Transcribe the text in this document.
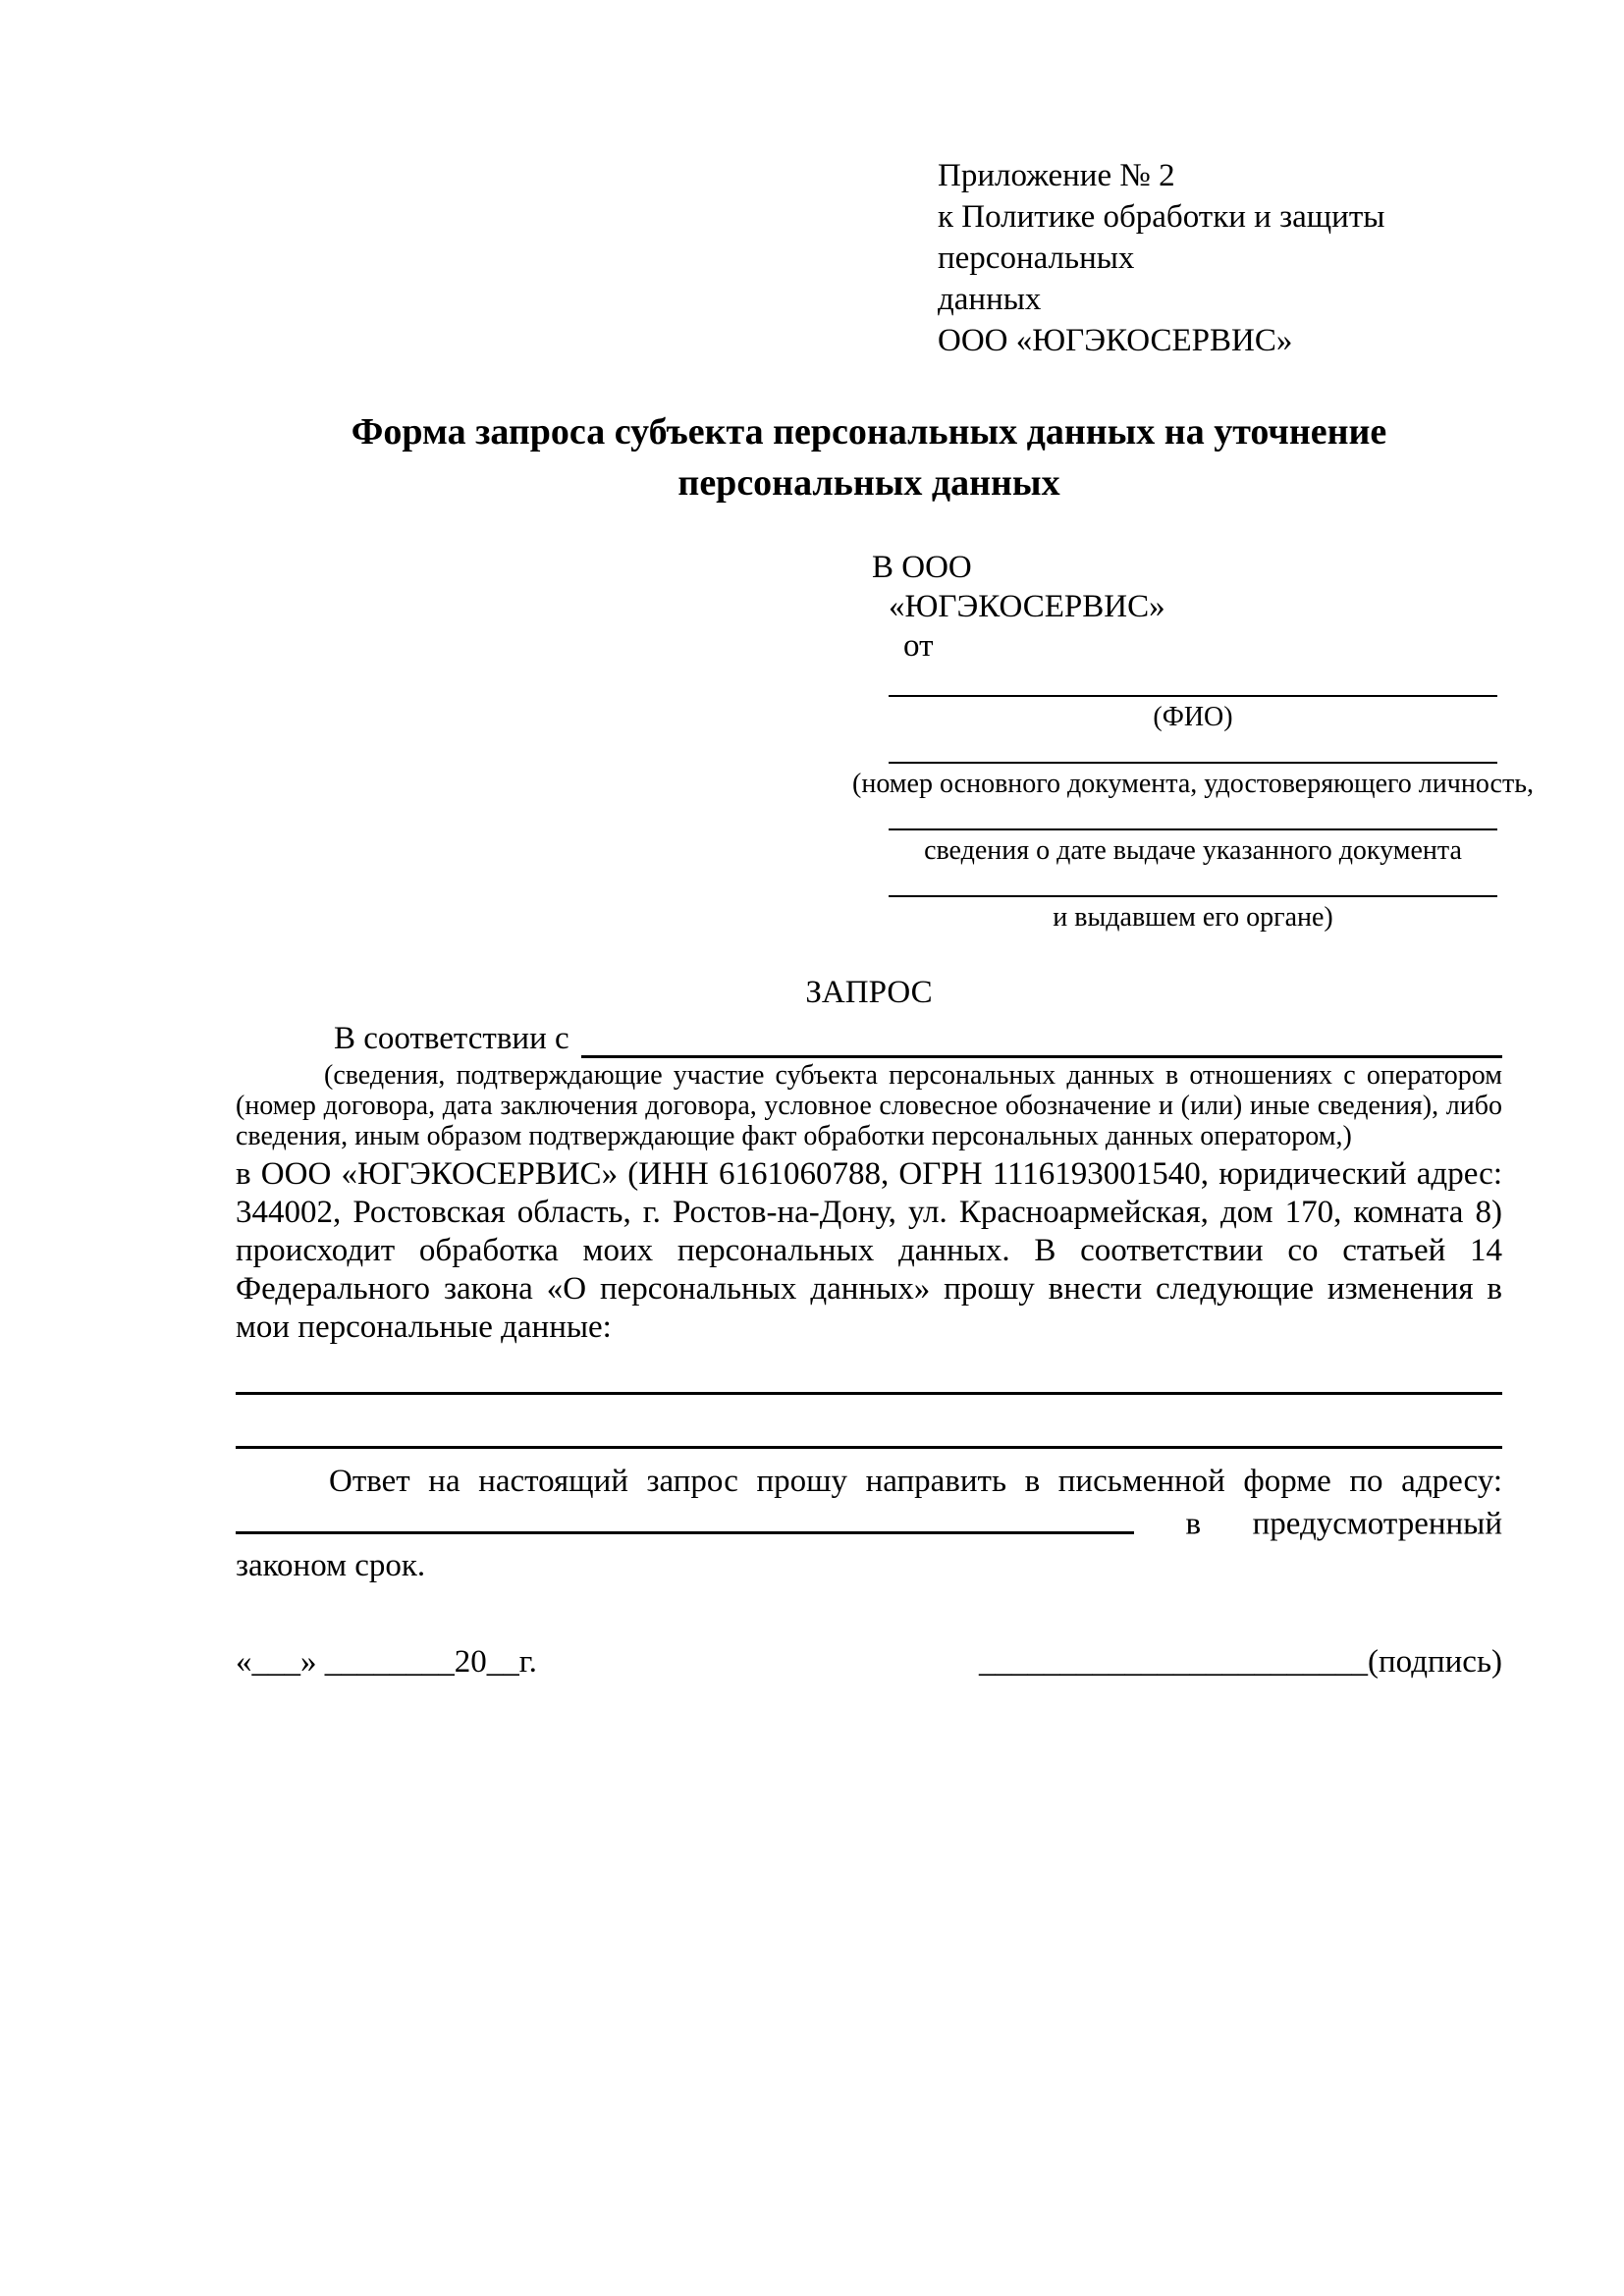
Приложение № 2
к Политике обработки и защиты персональных
данных
ООО «ЮГЭКОСЕРВИС»
Форма запроса субъекта персональных данных на уточнение персональных данных
В ООО
«ЮГЭКОСЕРВИС»
от
(ФИО)
(номер основного документа, удостоверяющего личность,
сведения о дате выдаче указанного документа
и выдавшем его органе)
ЗАПРОС
В соответствии с

(сведения, подтверждающие участие субъекта персональных данных в отношениях с оператором (номер договора, дата заключения договора, условное словесное обозначение и (или) иные сведения), либо сведения, иным образом подтверждающие факт обработки персональных данных оператором,)

в ООО «ЮГЭКОСЕРВИС» (ИНН 6161060788, ОГРН 1116193001540, юридический адрес: 344002, Ростовская область, г. Ростов-на-Дону, ул. Красноармейская, дом 170, комната 8) происходит обработка моих персональных данных. В соответствии со статьей 14 Федерального закона «О персональных данных» прошу внести следующие изменения в мои персональные данные:

Ответ на настоящий запрос прошу направить в письменной форме по адресу:  в предусмотренный законом срок.

«___» ________20__г.	________________________(подпись)
